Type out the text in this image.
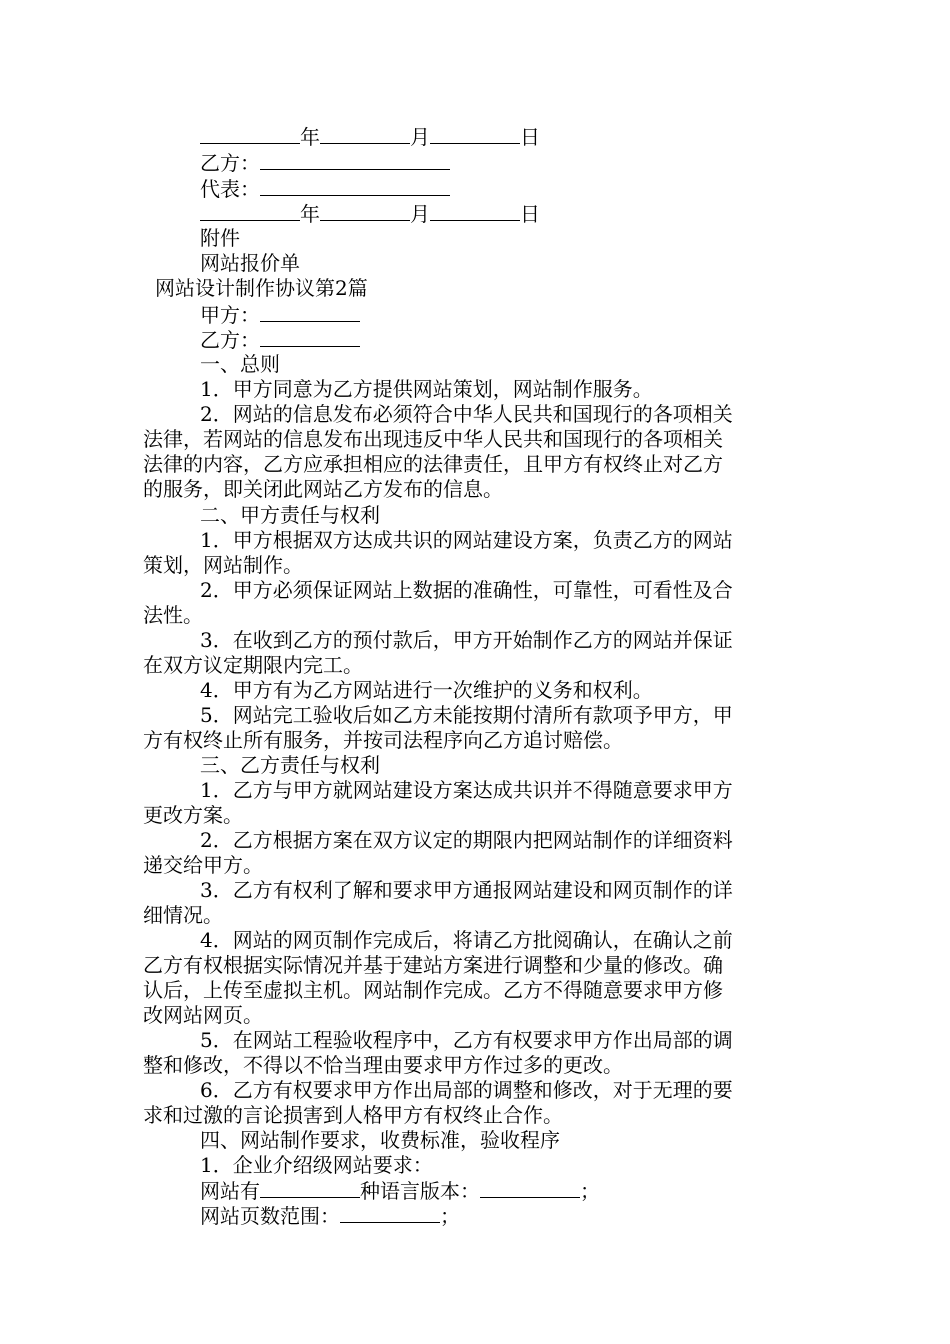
年	月	日
乙方：
代表：
年	月	日
附件
网站报价单
网站设计制作协议第2篇
甲方：
乙方：
一、总则
1．甲方同意为乙方提供网站策划，网站制作服务。
2．网站的信息发布必须符合中华人民共和国现行的各项相关
法律，若网站的信息发布出现违反中华人民共和国现行的各项相关
法律的内容，乙方应承担相应的法律责任，且甲方有权终止对乙方
的服务，即关闭此网站乙方发布的信息。
二、甲方责任与权利
1．甲方根据双方达成共识的网站建设方案，负责乙方的网站
策划，网站制作。
2．甲方必须保证网站上数据的准确性，可靠性，可看性及合
法性。
3．在收到乙方的预付款后，甲方开始制作乙方的网站并保证
在双方议定期限内完工。
4．甲方有为乙方网站进行一次维护的义务和权利。
5．网站完工验收后如乙方未能按期付清所有款项予甲方，甲
方有权终止所有服务，并按司法程序向乙方追讨赔偿。
三、乙方责任与权利
1．乙方与甲方就网站建设方案达成共识并不得随意要求甲方
更改方案。
2．乙方根据方案在双方议定的期限内把网站制作的详细资料
递交给甲方。
3．乙方有权利了解和要求甲方通报网站建设和网页制作的详
细情况。
4．网站的网页制作完成后，将请乙方批阅确认，在确认之前
乙方有权根据实际情况并基于建站方案进行调整和少量的修改。确
认后，上传至虚拟主机。网站制作完成。乙方不得随意要求甲方修
改网站网页。
5．在网站工程验收程序中，乙方有权要求甲方作出局部的调
整和修改，不得以不恰当理由要求甲方作过多的更改。
6．乙方有权要求甲方作出局部的调整和修改，对于无理的要
求和过激的言论损害到人格甲方有权终止合作。
四、网站制作要求，收费标准，验收程序
1．企业介绍级网站要求：
网站有	种语言版本：	；
网站页数范围：	；
